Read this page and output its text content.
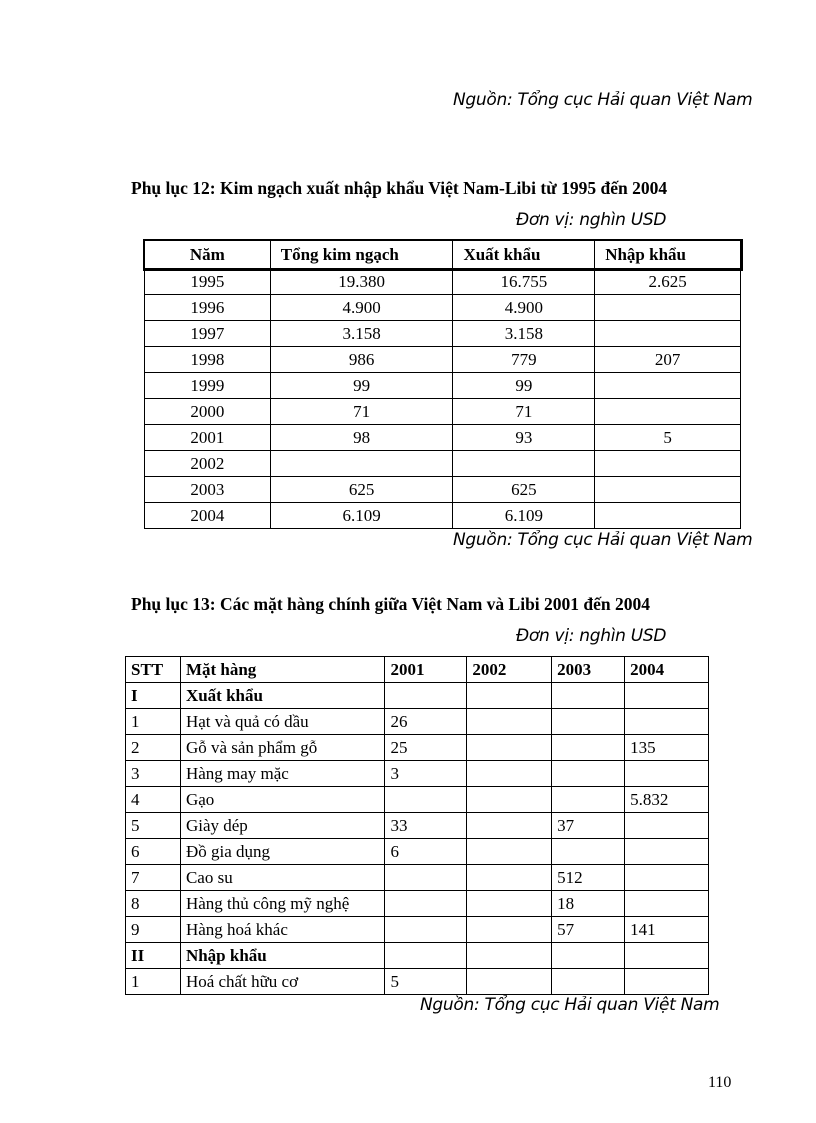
Nguồn: Tổng cục Hải quan Việt Nam
Phụ lục 12: Kim ngạch xuất nhập khẩu Việt Nam-Libi từ 1995 đến 2004
Đơn vị: nghìn USD
Năm	Tổng kim ngạch	Xuất khẩu	Nhập khẩu
1995	19.380	16.755	2.625
1996	4.900	4.900	
1997	3.158	3.158	
1998	986	779	207
1999	99	99	
2000	71	71	
2001	98	93	5
2002			
2003	625	625	
2004	6.109	6.109	
Nguồn: Tổng cục Hải quan Việt Nam
Phụ lục 13: Các mặt hàng chính giữa Việt Nam và Libi 2001 đến 2004
Đơn vị: nghìn USD
STT	Mặt hàng	2001	2002	2003	2004
I	Xuất khẩu				
1	Hạt và quả có dầu	26			
2	Gỗ và sản phẩm gỗ	25			135
3	Hàng may mặc	3			
4	Gạo				5.832
5	Giày dép	33		37	
6	Đồ gia dụng	6			
7	Cao su			512	
8	Hàng thủ công mỹ nghệ			18	
9	Hàng hoá khác			57	141
II	Nhập khẩu				
1	Hoá chất hữu cơ	5			
Nguồn: Tổng cục Hải quan Việt Nam
110
